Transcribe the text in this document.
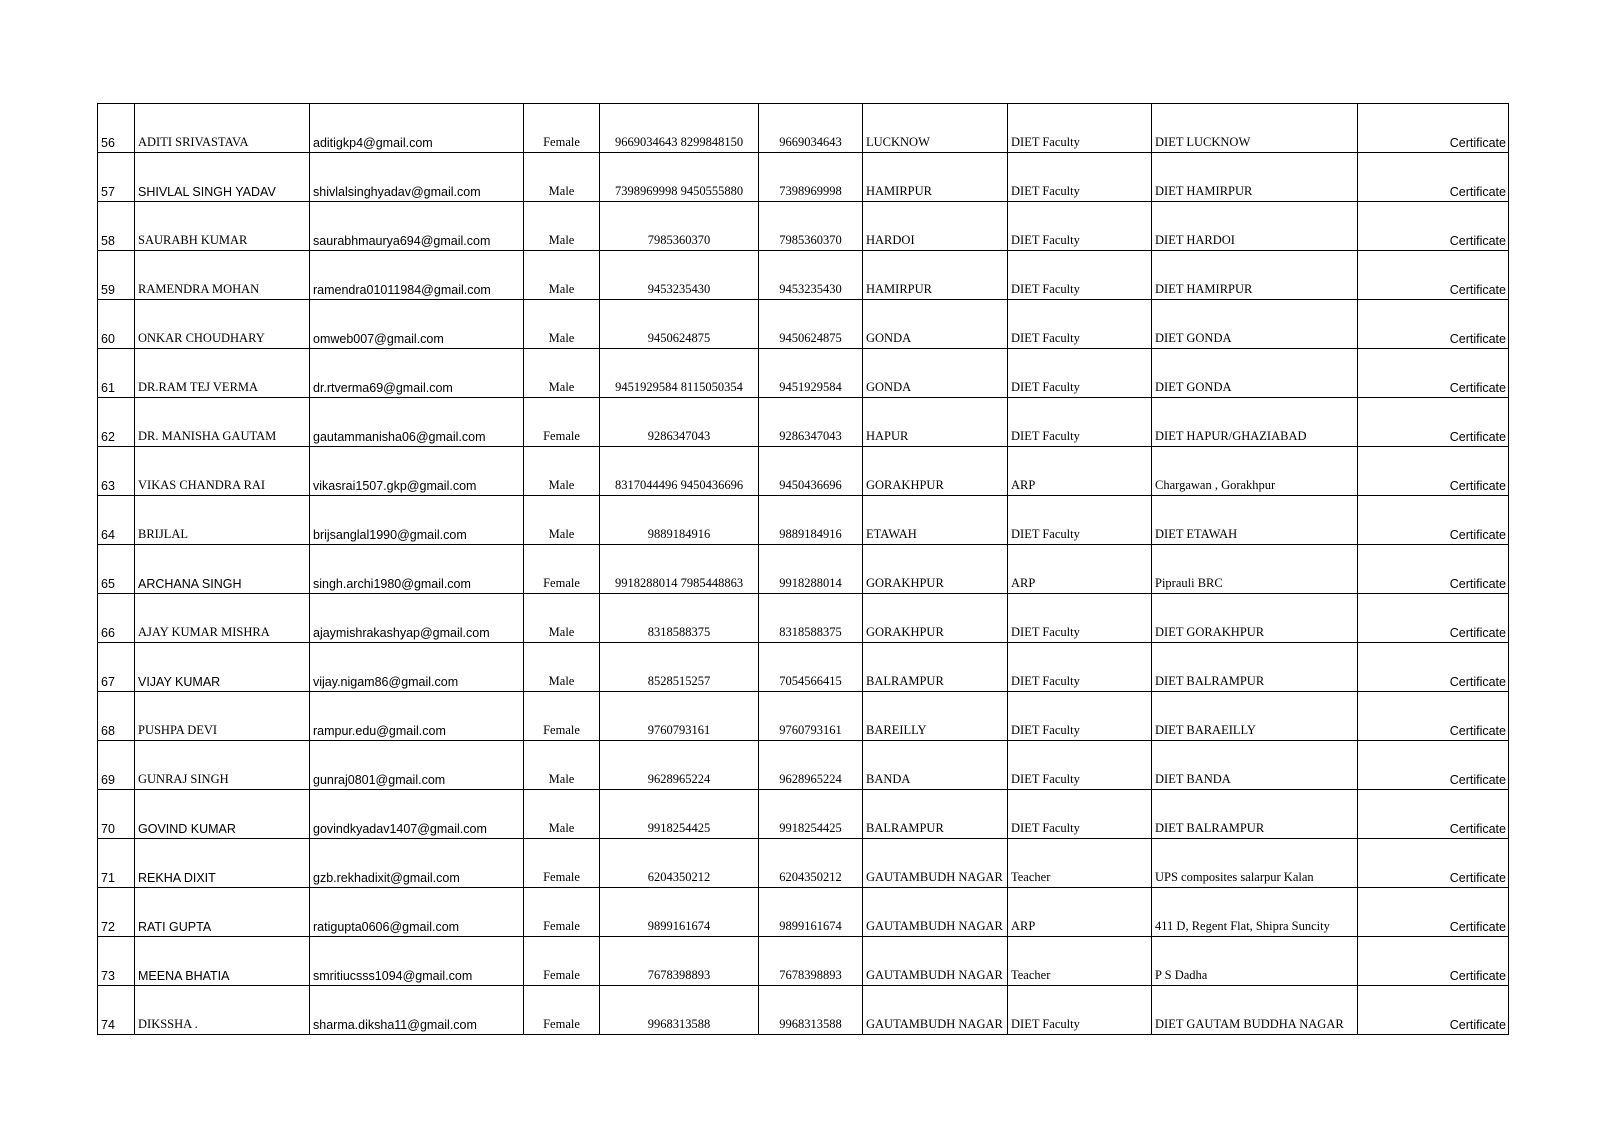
56	ADITI SRIVASTAVA	aditigkp4@gmail.com	Female	9669034643 8299848150	9669034643	LUCKNOW	DIET Faculty	DIET LUCKNOW	Certificate
57	SHIVLAL SINGH YADAV	shivlalsinghyadav@gmail.com	Male	7398969998 9450555880	7398969998	HAMIRPUR	DIET Faculty	DIET HAMIRPUR	Certificate
58	SAURABH KUMAR	saurabhmaurya694@gmail.com	Male	7985360370	7985360370	HARDOI	DIET Faculty	DIET HARDOI	Certificate
59	RAMENDRA MOHAN	ramendra01011984@gmail.com	Male	9453235430	9453235430	HAMIRPUR	DIET Faculty	DIET HAMIRPUR	Certificate
60	ONKAR CHOUDHARY	omweb007@gmail.com	Male	9450624875	9450624875	GONDA	DIET Faculty	DIET GONDA	Certificate
61	DR.RAM TEJ VERMA	dr.rtverma69@gmail.com	Male	9451929584 8115050354	9451929584	GONDA	DIET Faculty	DIET GONDA	Certificate
62	DR. MANISHA GAUTAM	gautammanisha06@gmail.com	Female	9286347043	9286347043	HAPUR	DIET Faculty	DIET HAPUR/GHAZIABAD	Certificate
63	VIKAS CHANDRA RAI	vikasrai1507.gkp@gmail.com	Male	8317044496 9450436696	9450436696	GORAKHPUR	ARP	Chargawan , Gorakhpur	Certificate
64	BRIJLAL	brijsanglal1990@gmail.com	Male	9889184916	9889184916	ETAWAH	DIET Faculty	DIET ETAWAH	Certificate
65	ARCHANA SINGH	singh.archi1980@gmail.com	Female	9918288014 7985448863	9918288014	GORAKHPUR	ARP	Piprauli BRC	Certificate
66	AJAY KUMAR MISHRA	ajaymishrakashyap@gmail.com	Male	8318588375	8318588375	GORAKHPUR	DIET Faculty	DIET GORAKHPUR	Certificate
67	VIJAY KUMAR	vijay.nigam86@gmail.com	Male	8528515257	7054566415	BALRAMPUR	DIET Faculty	DIET BALRAMPUR	Certificate
68	PUSHPA DEVI	rampur.edu@gmail.com	Female	9760793161	9760793161	BAREILLY	DIET Faculty	DIET BARAEILLY	Certificate
69	GUNRAJ SINGH	gunraj0801@gmail.com	Male	9628965224	9628965224	BANDA	DIET Faculty	DIET BANDA	Certificate
70	GOVIND KUMAR	govindkyadav1407@gmail.com	Male	9918254425	9918254425	BALRAMPUR	DIET Faculty	DIET BALRAMPUR	Certificate
71	REKHA DIXIT	gzb.rekhadixit@gmail.com	Female	6204350212	6204350212	GAUTAMBUDH NAGAR	Teacher	UPS composites salarpur Kalan	Certificate
72	RATI GUPTA	ratigupta0606@gmail.com	Female	9899161674	9899161674	GAUTAMBUDH NAGAR	ARP	411 D, Regent Flat, Shipra Suncity	Certificate
73	MEENA BHATIA	smritiucsss1094@gmail.com	Female	7678398893	7678398893	GAUTAMBUDH NAGAR	Teacher	P S Dadha	Certificate
74	DIKSSHA .	sharma.diksha11@gmail.com	Female	9968313588	9968313588	GAUTAMBUDH NAGAR	DIET Faculty	DIET GAUTAM BUDDHA NAGAR	Certificate
